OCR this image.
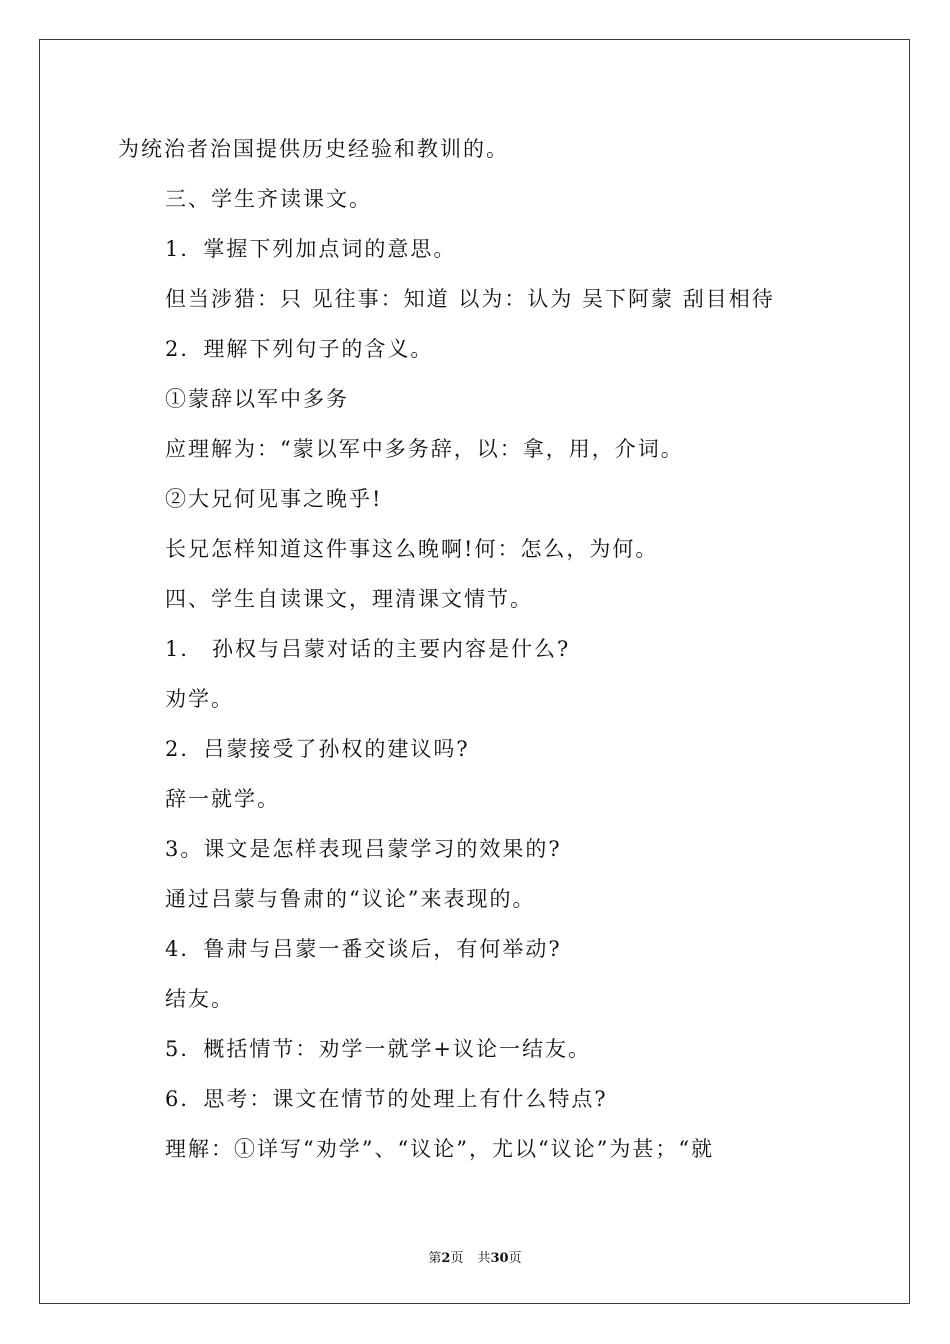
为统治者治国提供历史经验和教训的。
三、学生齐读课文。
1．掌握下列加点词的意思。
但当涉猎：只 见往事：知道 以为：认为 吴下阿蒙 刮目相待
2．理解下列句子的含义。
①蒙辞以军中多务
应理解为：“蒙以军中多务辞，以：拿，用，介词。
②大兄何见事之晚乎!
长兄怎样知道这件事这么晚啊!何：怎么，为何。
四、学生自读课文，理清课文情节。
1． 孙权与吕蒙对话的主要内容是什么?
劝学。
2．吕蒙接受了孙权的建议吗?
辞一就学。
3。课文是怎样表现吕蒙学习的效果的?
通过吕蒙与鲁肃的“议论”来表现的。
4．鲁肃与吕蒙一番交谈后，有何举动?
结友。
5．概括情节：劝学一就学+议论一结友。
6．思考：课文在情节的处理上有什么特点?
理解：①详写“劝学”、“议论”，尤以“议论”为甚；“就
第2页 共30页
